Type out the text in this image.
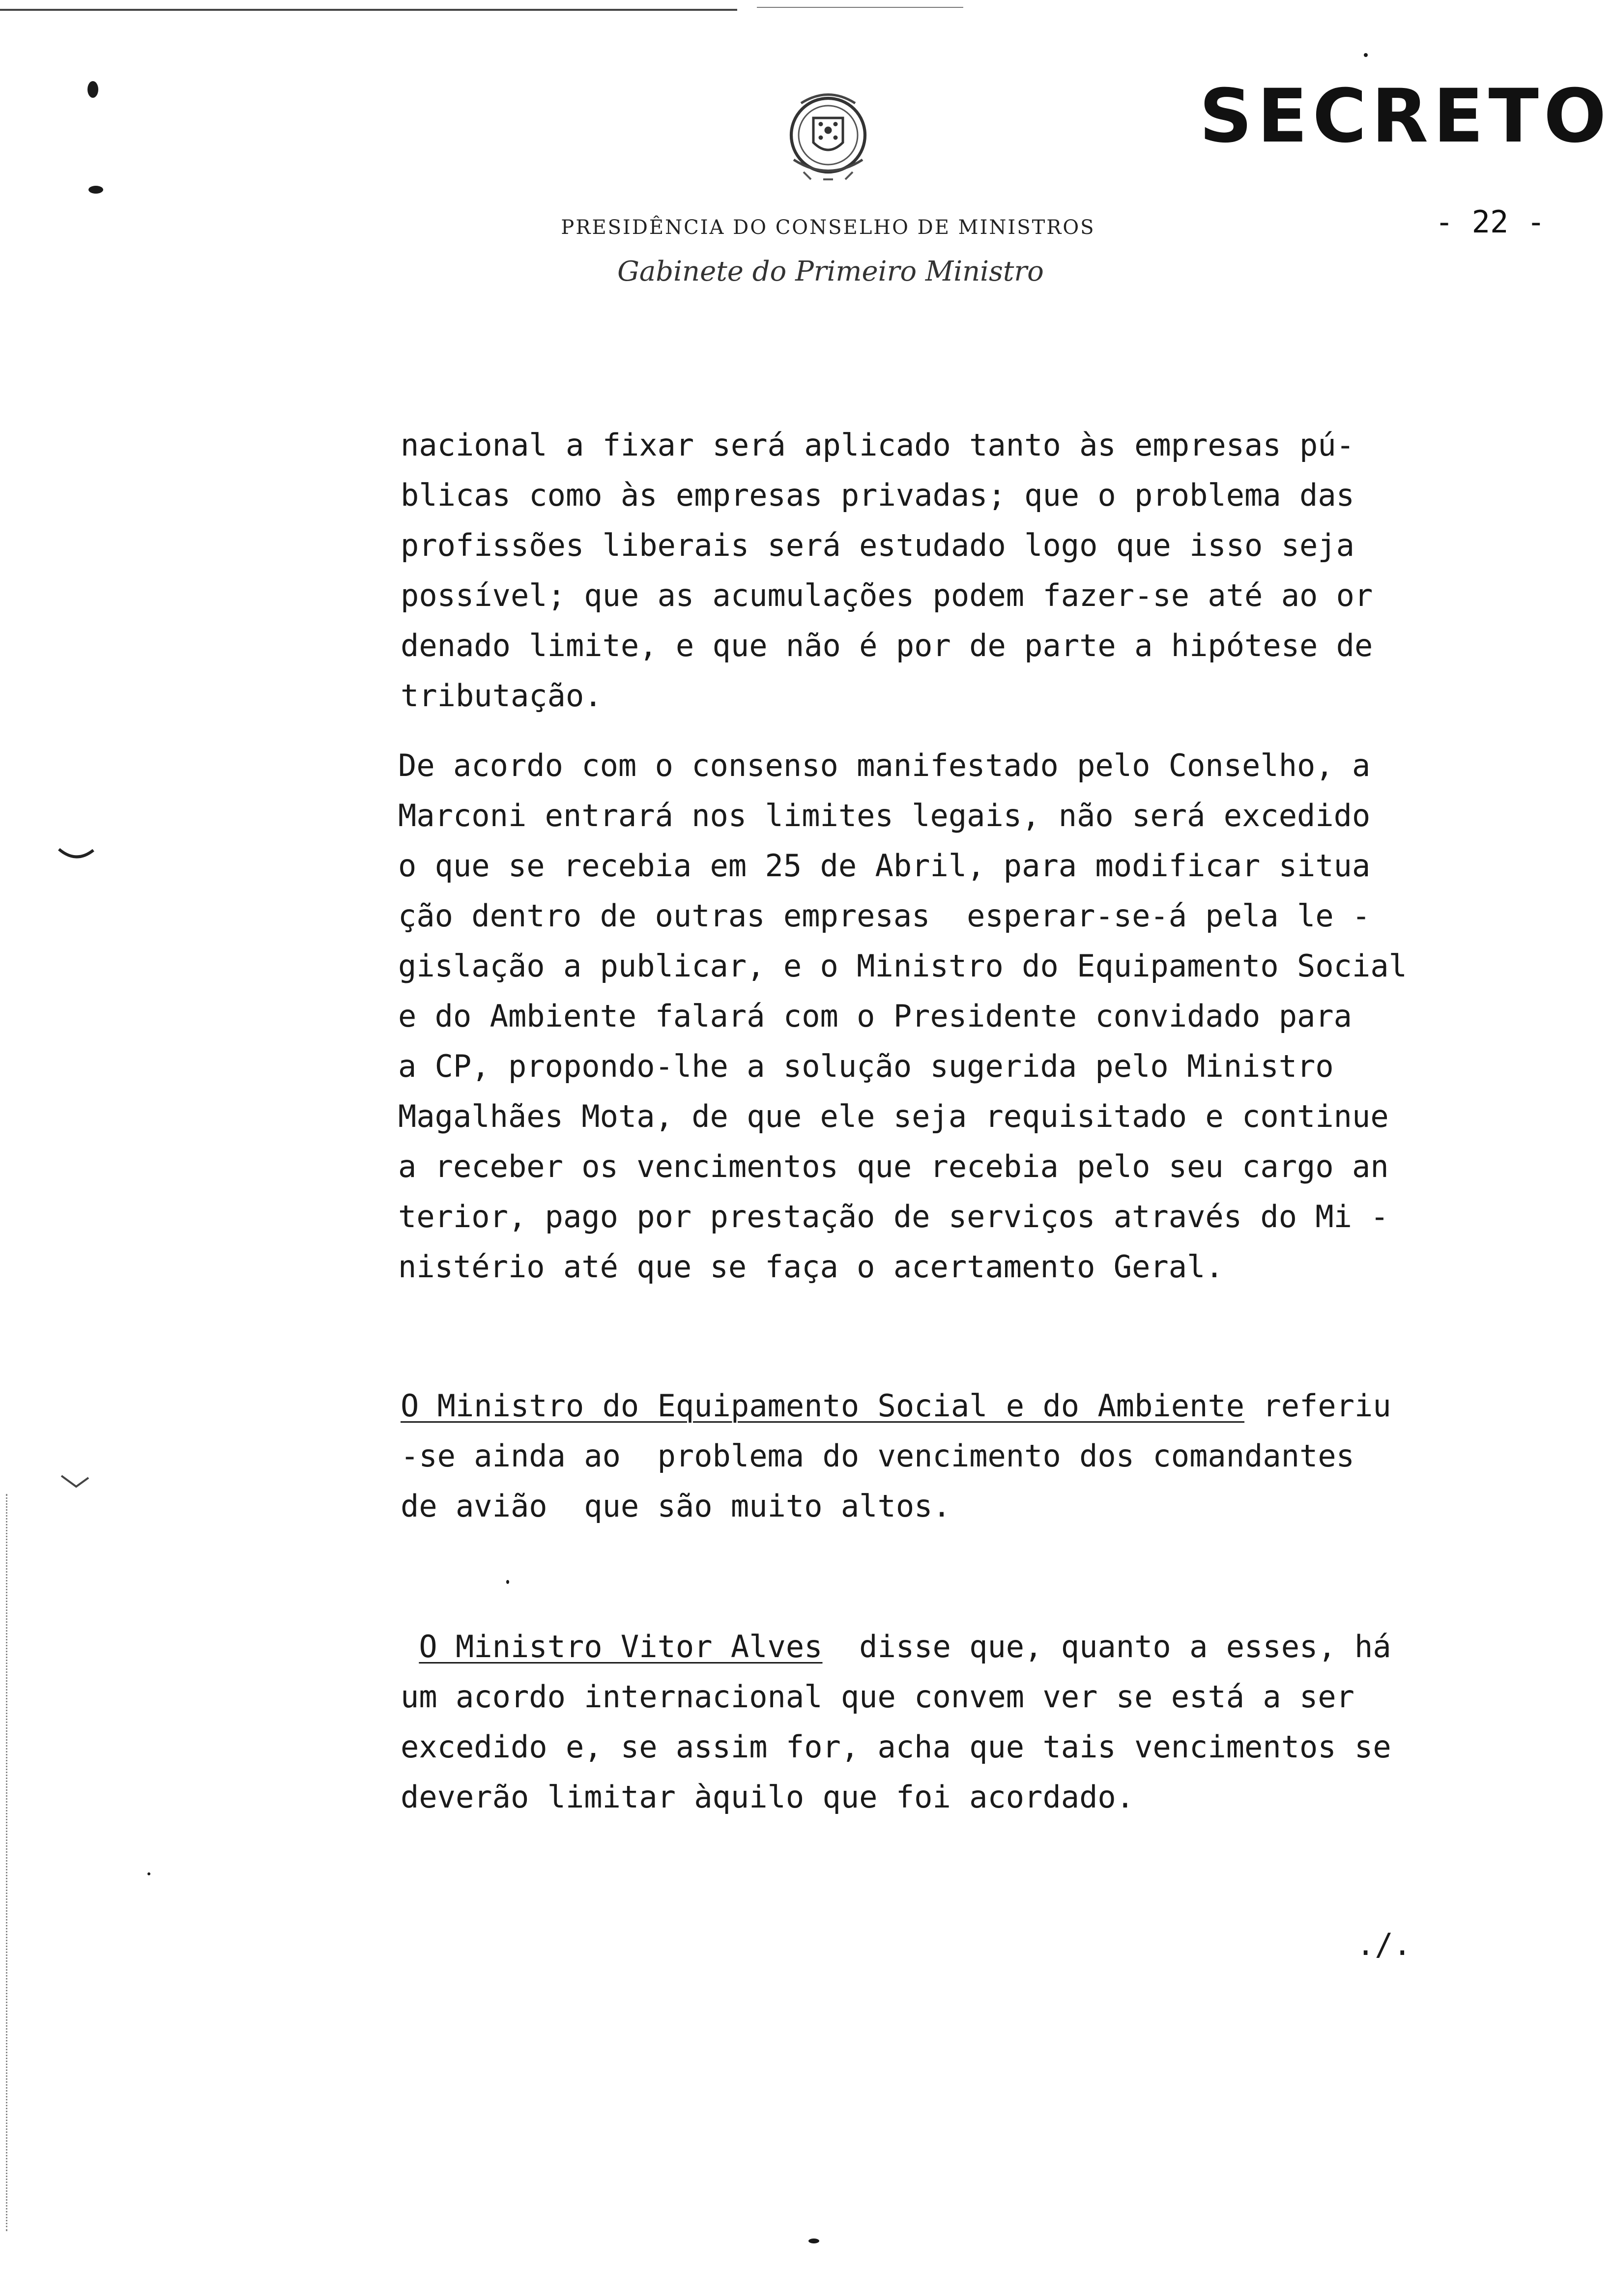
SECRETO
- 22 -
PRESIDÊNCIA DO CONSELHO DE MINISTROS
Gabinete do Primeiro Ministro
nacional a fixar será aplicado tanto às empresas pú-
blicas como às empresas privadas; que o problema das
profissões liberais será estudado logo que isso seja
possível; que as acumulações podem fazer-se até ao or
denado limite, e que não é por de parte a hipótese de
tributação.
De acordo com o consenso manifestado pelo Conselho, a
Marconi entrará nos limites legais, não será excedido
o que se recebia em 25 de Abril, para modificar situa
ção dentro de outras empresas  esperar-se-á pela le -
gislação a publicar, e o Ministro do Equipamento Social
e do Ambiente falará com o Presidente convidado para
a CP, propondo-lhe a solução sugerida pelo Ministro
Magalhães Mota, de que ele seja requisitado e continue
a receber os vencimentos que recebia pelo seu cargo an
terior, pago por prestação de serviços através do Mi -
nistério até que se faça o acertamento Geral.
O Ministro do Equipamento Social e do Ambiente referiu
-se ainda ao  problema do vencimento dos comandantes
de avião  que são muito altos.
O Ministro Vitor Alves  disse que, quanto a esses, há
um acordo internacional que convem ver se está a ser
excedido e, se assim for, acha que tais vencimentos se
deverão limitar àquilo que foi acordado.
./.
